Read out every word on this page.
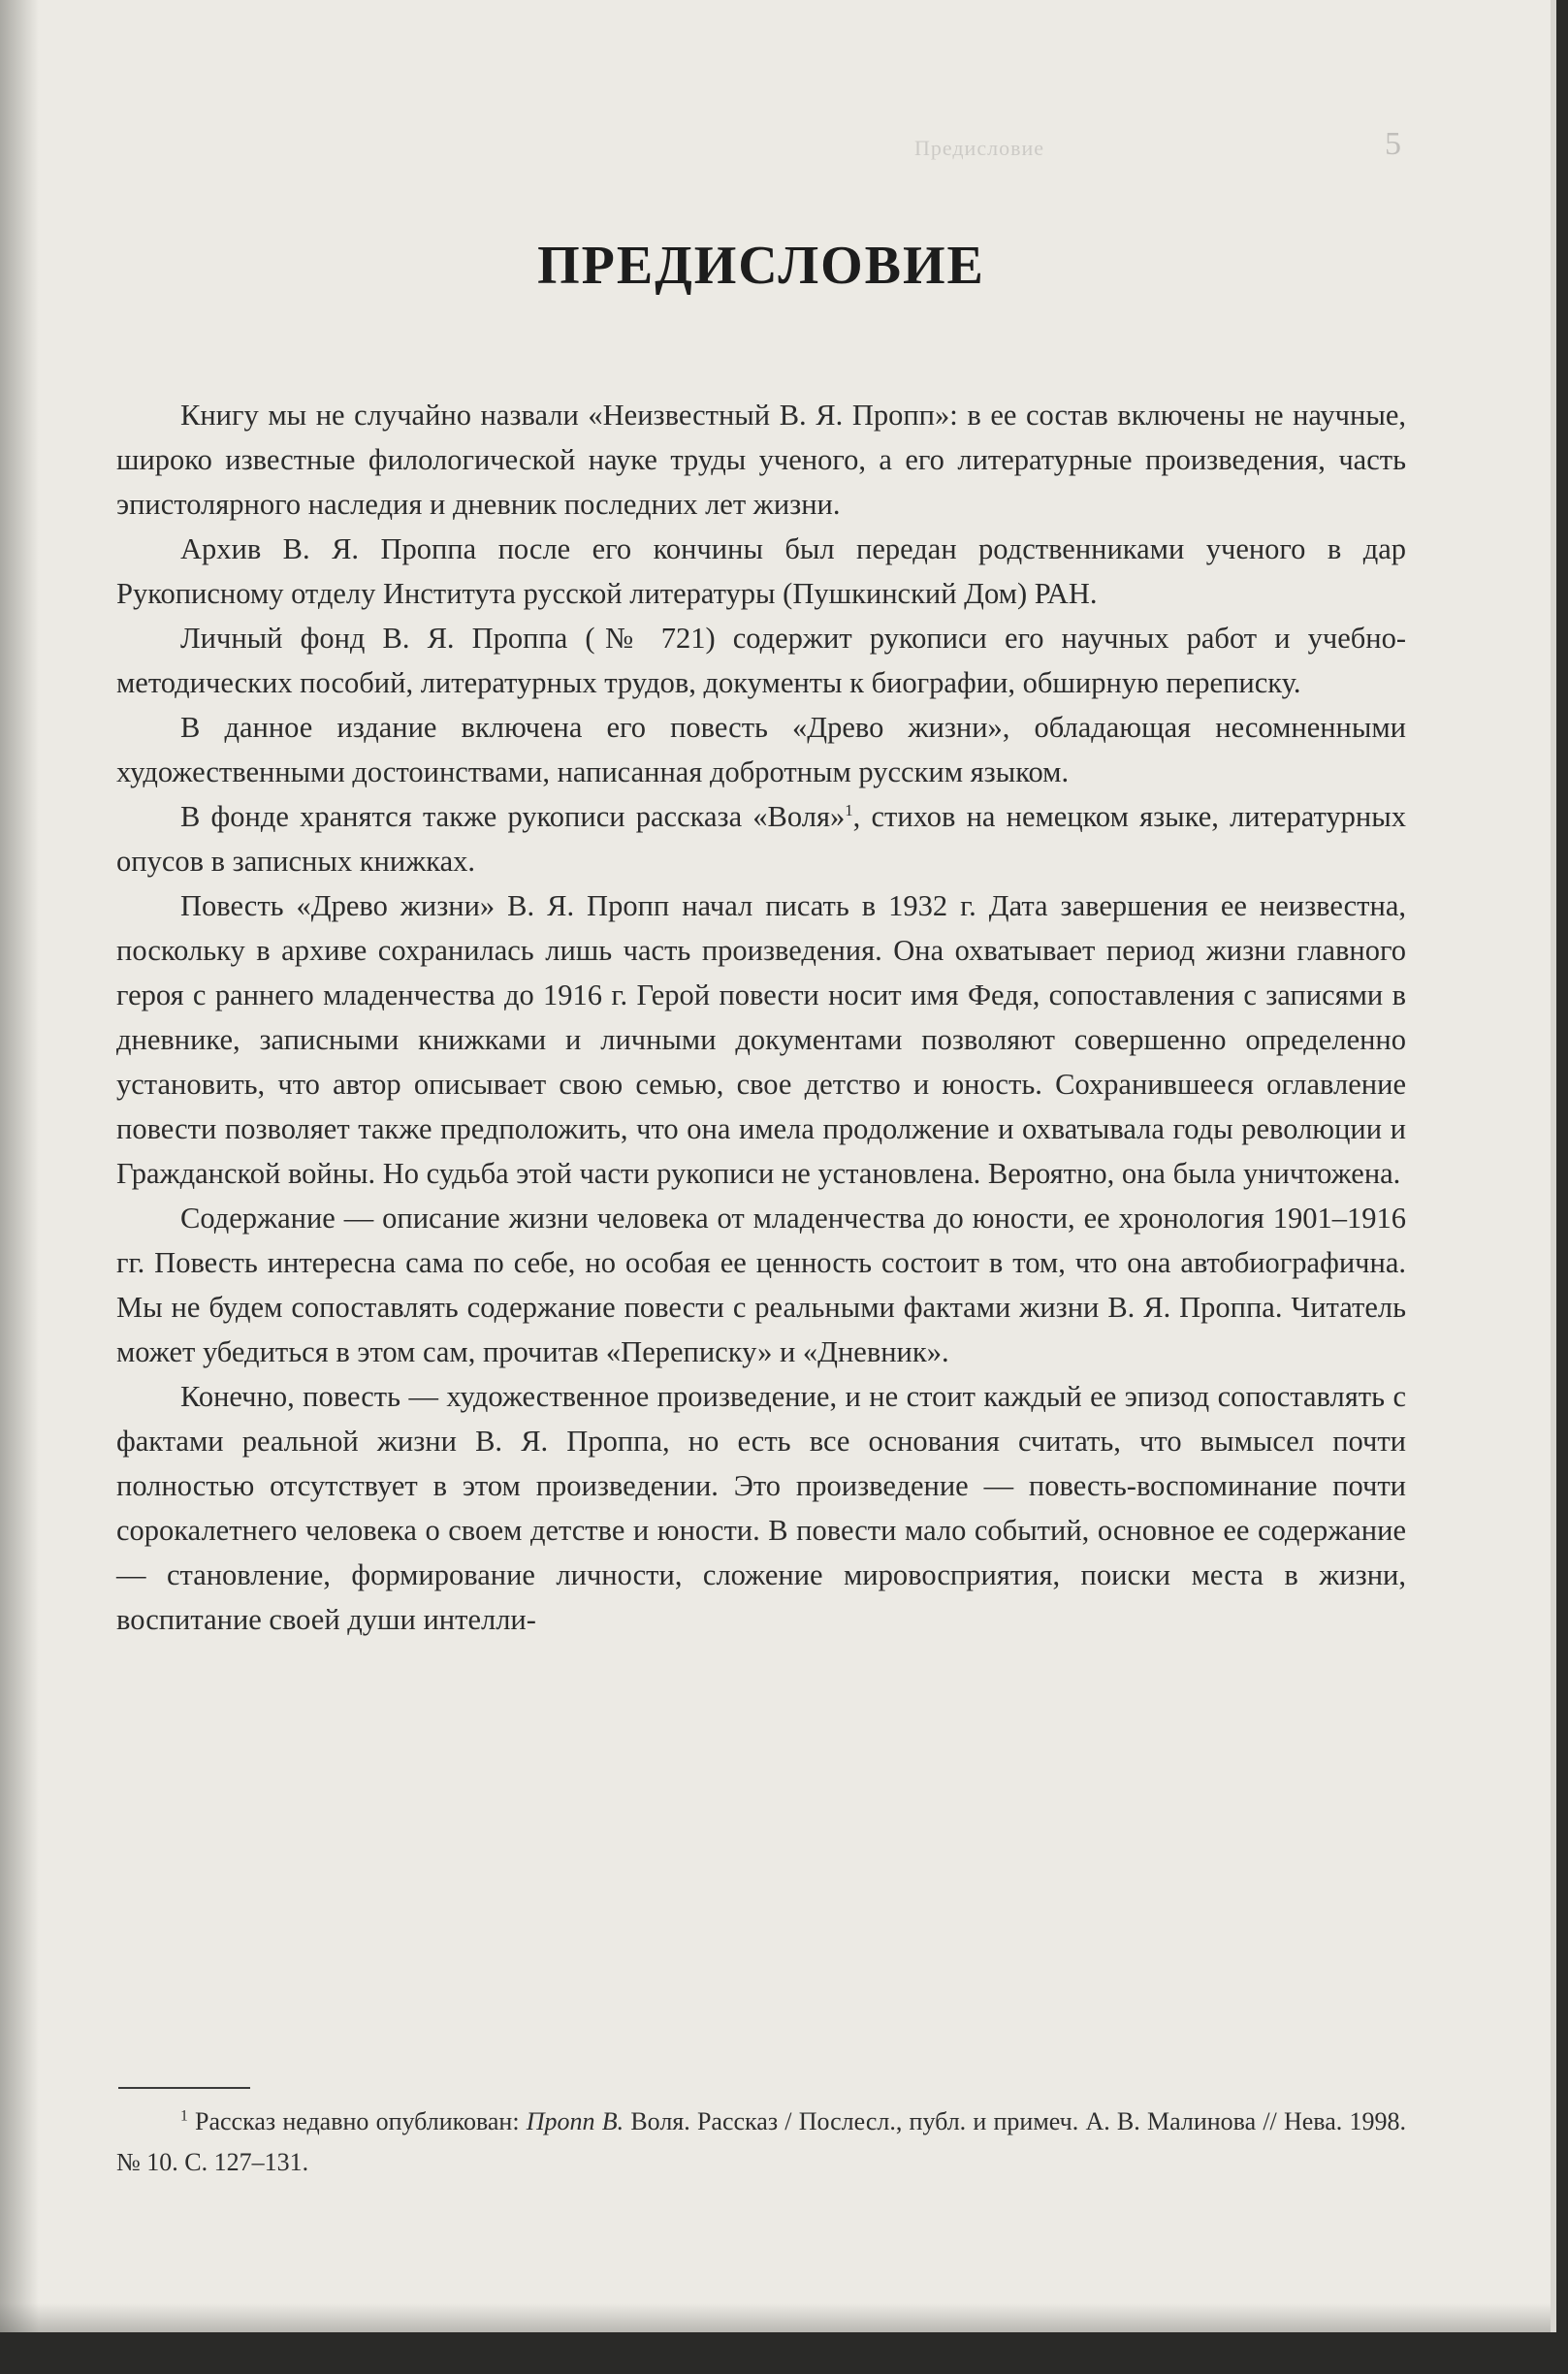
Предисловие	5
ПРЕДИСЛОВИЕ

Книгу мы не случайно назвали «Неизвестный В. Я. Пропп»: в ее состав включены не научные, широко известные филологической науке труды ученого, а его литературные произведения, часть эпистолярного наследия и дневник последних лет жизни.

Архив В. Я. Проппа после его кончины был передан родственниками ученого в дар Рукописному отделу Института русской литературы (Пушкинский Дом) РАН.

Личный фонд В. Я. Проппа (№ 721) содержит рукописи его научных работ и учебно-методических пособий, литературных трудов, документы к биографии, обширную переписку.

В данное издание включена его повесть «Древо жизни», обладающая несомненными художественными достоинствами, написанная добротным русским языком.

В фонде хранятся также рукописи рассказа «Воля»$^1$, стихов на немецком языке, литературных опусов в записных книжках.

Повесть «Древо жизни» В. Я. Пропп начал писать в 1932 г. Дата завершения ее неизвестна, поскольку в архиве сохранилась лишь часть произведения. Она охватывает период жизни главного героя с раннего младенчества до 1916 г. Герой повести носит имя Федя, сопоставления с записями в дневнике, записными книжками и личными документами позволяют совершенно определенно установить, что автор описывает свою семью, свое детство и юность. Сохранившееся оглавление повести позволяет также предположить, что она имела продолжение и охватывала годы революции и Гражданской войны. Но судьба этой части рукописи не установлена. Вероятно, она была уничтожена.

Содержание — описание жизни человека от младенчества до юности, ее хронология 1901–1916 гг. Повесть интересна сама по себе, но особая ее ценность состоит в том, что она автобиографична. Мы не будем сопоставлять содержание повести с реальными фактами жизни В. Я. Проппа. Читатель может убедиться в этом сам, прочитав «Переписку» и «Дневник».

Конечно, повесть — художественное произведение, и не стоит каждый ее эпизод сопоставлять с фактами реальной жизни В. Я. Проппа, но есть все основания считать, что вымысел почти полностью отсутствует в этом произведении. Это произведение — повесть-воспоминание почти сорокалетнего человека о своем детстве и юности. В повести мало событий, основное ее содержание — становление, формирование личности, сложение мировосприятия, поиски места в жизни, воспитание своей души интелли-

$^1$ Рассказ недавно опубликован: Пропп В. Воля. Рассказ / Послесл., публ. и примеч. А. В. Малинова // Нева. 1998. № 10. С. 127–131.
